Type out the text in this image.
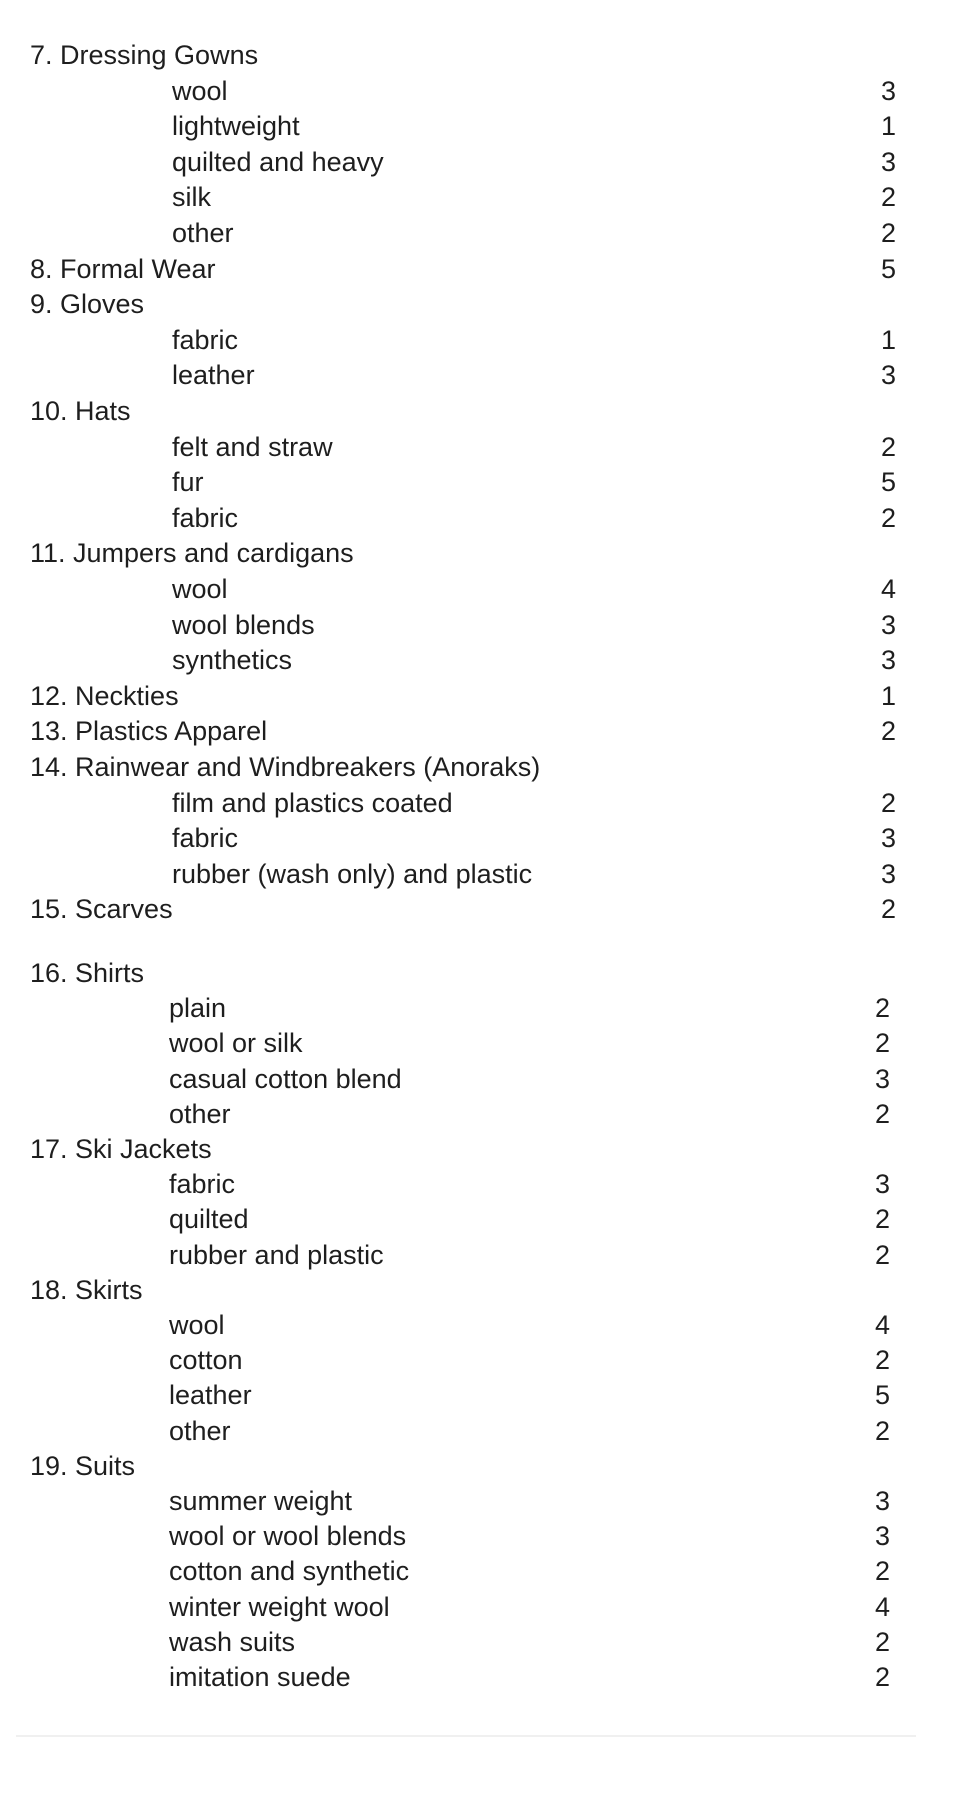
7. Dressing Gowns
wool	3
lightweight	1
quilted and heavy	3
silk	2
other	2
8. Formal Wear	5
9. Gloves
fabric	1
leather	3
10. Hats
felt and straw	2
fur	5
fabric	2
11. Jumpers and cardigans
wool	4
wool blends	3
synthetics	3
12. Neckties	1
13. Plastics Apparel	2
14. Rainwear and Windbreakers (Anoraks)
film and plastics coated	2
fabric	3
rubber (wash only) and plastic	3
15. Scarves	2
16. Shirts
plain	2
wool or silk	2
casual cotton blend	3
other	2
17. Ski Jackets
fabric	3
quilted	2
rubber and plastic	2
18. Skirts
wool	4
cotton	2
leather	5
other	2
19. Suits
summer weight	3
wool or wool blends	3
cotton and synthetic	2
winter weight wool	4
wash suits	2
imitation suede	2
